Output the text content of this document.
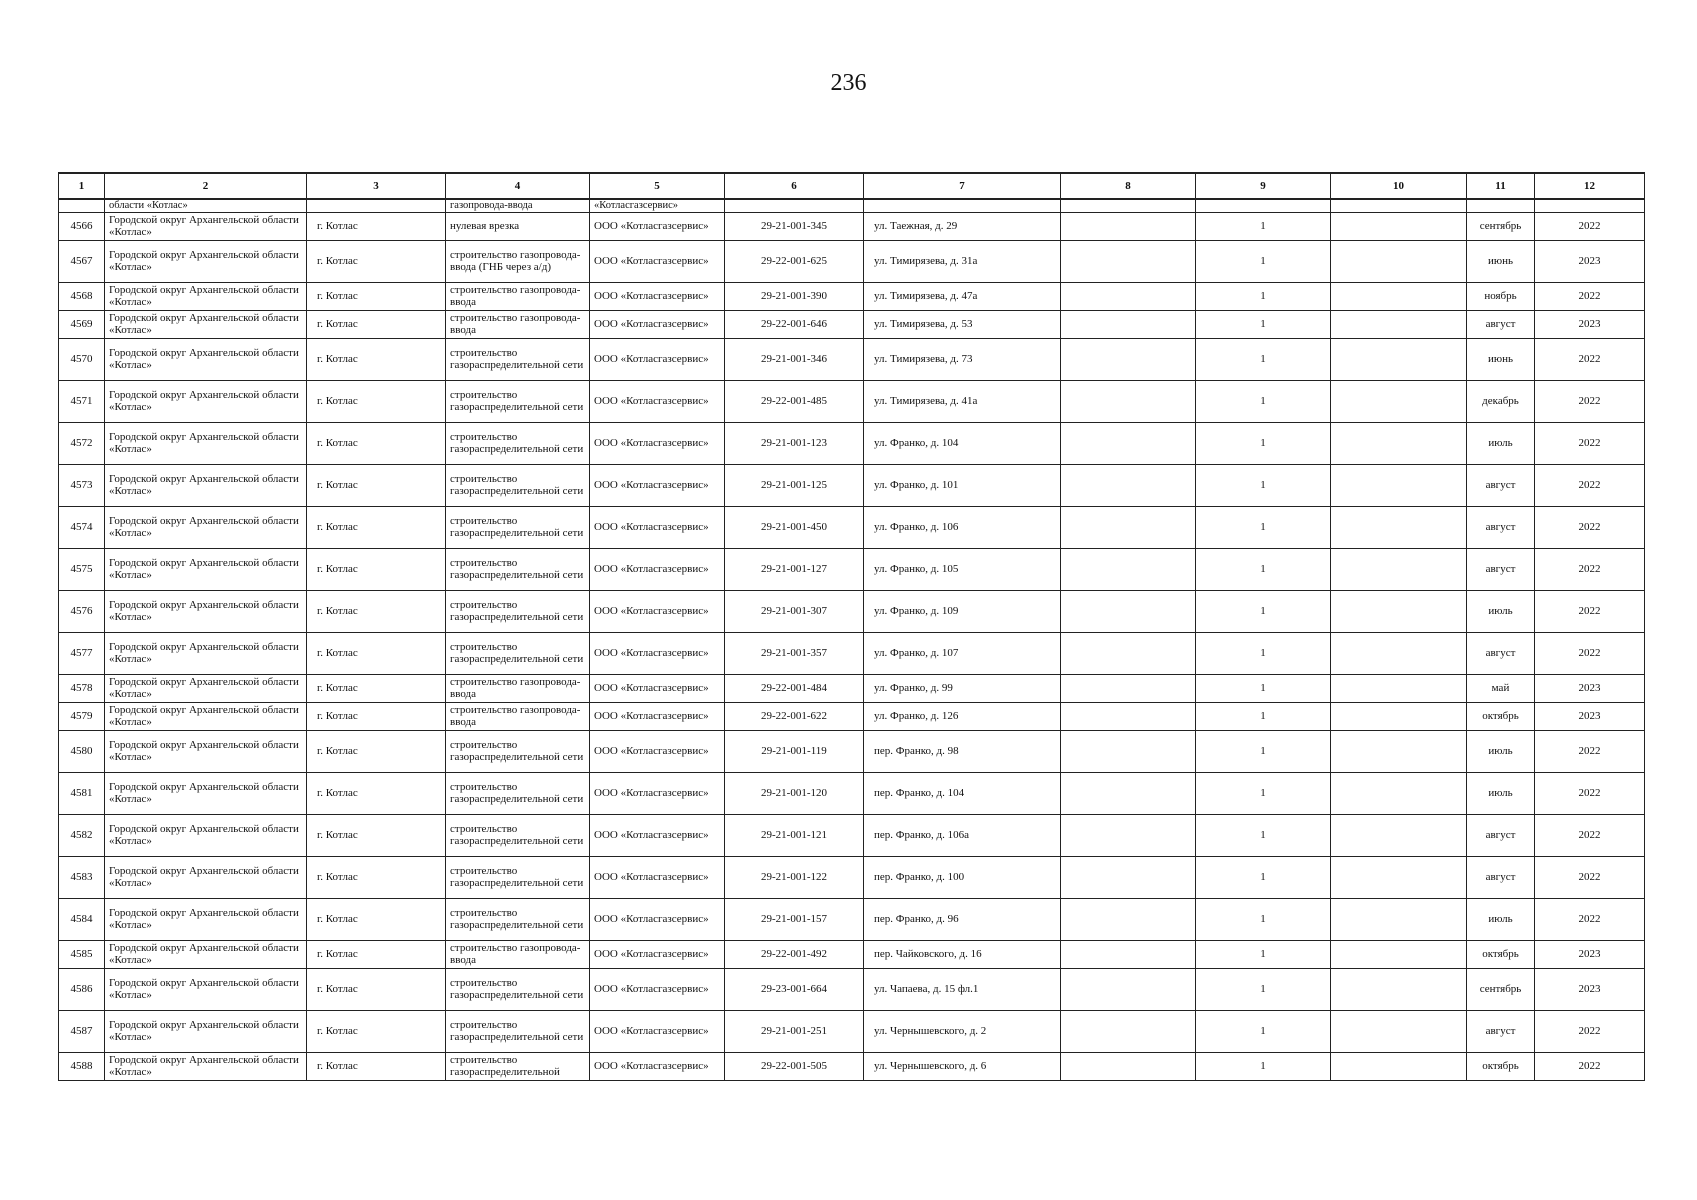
236
1	2	3	4	5	6	7	8	9	10	11	12

	области «Котлас»		газопровода-ввода	«Котласгазсервис»							

4566	Городской округ Архангельской области «Котлас»	г. Котлас	нулевая врезка	ООО «Котласгазсервис»	29-21-001-345	ул. Таежная, д. 29		1		сентябрь	2022

4567	Городской округ Архангельской области «Котлас»	г. Котлас	строительство газопровода-ввода (ГНБ через а/д)	ООО «Котласгазсервис»	29-22-001-625	ул. Тимирязева, д. 31а		1		июнь	2023

4568	Городской округ Архангельской области «Котлас»	г. Котлас	строительство газопровода-ввода	ООО «Котласгазсервис»	29-21-001-390	ул. Тимирязева, д. 47а		1		ноябрь	2022

4569	Городской округ Архангельской области «Котлас»	г. Котлас	строительство газопровода-ввода	ООО «Котласгазсервис»	29-22-001-646	ул. Тимирязева, д. 53		1		август	2023

4570	Городской округ Архангельской области «Котлас»	г. Котлас	строительство газораспределительной сети	ООО «Котласгазсервис»	29-21-001-346	ул. Тимирязева, д. 73		1		июнь	2022

4571	Городской округ Архангельской области «Котлас»	г. Котлас	строительство газораспределительной сети	ООО «Котласгазсервис»	29-22-001-485	ул. Тимирязева, д. 41а		1		декабрь	2022

4572	Городской округ Архангельской области «Котлас»	г. Котлас	строительство газораспределительной сети	ООО «Котласгазсервис»	29-21-001-123	ул. Франко, д. 104		1		июль	2022

4573	Городской округ Архангельской области «Котлас»	г. Котлас	строительство газораспределительной сети	ООО «Котласгазсервис»	29-21-001-125	ул. Франко, д. 101		1		август	2022

4574	Городской округ Архангельской области «Котлас»	г. Котлас	строительство газораспределительной сети	ООО «Котласгазсервис»	29-21-001-450	ул. Франко, д. 106		1		август	2022

4575	Городской округ Архангельской области «Котлас»	г. Котлас	строительство газораспределительной сети	ООО «Котласгазсервис»	29-21-001-127	ул. Франко, д. 105		1		август	2022

4576	Городской округ Архангельской области «Котлас»	г. Котлас	строительство газораспределительной сети	ООО «Котласгазсервис»	29-21-001-307	ул. Франко, д. 109		1		июль	2022

4577	Городской округ Архангельской области «Котлас»	г. Котлас	строительство газораспределительной сети	ООО «Котласгазсервис»	29-21-001-357	ул. Франко, д. 107		1		август	2022

4578	Городской округ Архангельской области «Котлас»	г. Котлас	строительство газопровода-ввода	ООО «Котласгазсервис»	29-22-001-484	ул. Франко, д. 99		1		май	2023

4579	Городской округ Архангельской области «Котлас»	г. Котлас	строительство газопровода-ввода	ООО «Котласгазсервис»	29-22-001-622	ул. Франко, д. 126		1		октябрь	2023

4580	Городской округ Архангельской области «Котлас»	г. Котлас	строительство газораспределительной сети	ООО «Котласгазсервис»	29-21-001-119	пер. Франко, д. 98		1		июль	2022

4581	Городской округ Архангельской области «Котлас»	г. Котлас	строительство газораспределительной сети	ООО «Котласгазсервис»	29-21-001-120	пер. Франко, д. 104		1		июль	2022

4582	Городской округ Архангельской области «Котлас»	г. Котлас	строительство газораспределительной сети	ООО «Котласгазсервис»	29-21-001-121	пер. Франко, д. 106а		1		август	2022

4583	Городской округ Архангельской области «Котлас»	г. Котлас	строительство газораспределительной сети	ООО «Котласгазсервис»	29-21-001-122	пер. Франко, д. 100		1		август	2022

4584	Городской округ Архангельской области «Котлас»	г. Котлас	строительство газораспределительной сети	ООО «Котласгазсервис»	29-21-001-157	пер. Франко, д. 96		1		июль	2022

4585	Городской округ Архангельской области «Котлас»	г. Котлас	строительство газопровода-ввода	ООО «Котласгазсервис»	29-22-001-492	пер. Чайковского, д. 16		1		октябрь	2023

4586	Городской округ Архангельской области «Котлас»	г. Котлас	строительство газораспределительной сети	ООО «Котласгазсервис»	29-23-001-664	ул. Чапаева, д. 15 фл.1		1		сентябрь	2023

4587	Городской округ Архангельской области «Котлас»	г. Котлас	строительство газораспределительной сети	ООО «Котласгазсервис»	29-21-001-251	ул. Чернышевского, д. 2		1		август	2022

4588	Городской округ Архангельской области «Котлас»	г. Котлас	строительство газораспределительной	ООО «Котласгазсервис»	29-22-001-505	ул. Чернышевского, д. 6		1		октябрь	2022
